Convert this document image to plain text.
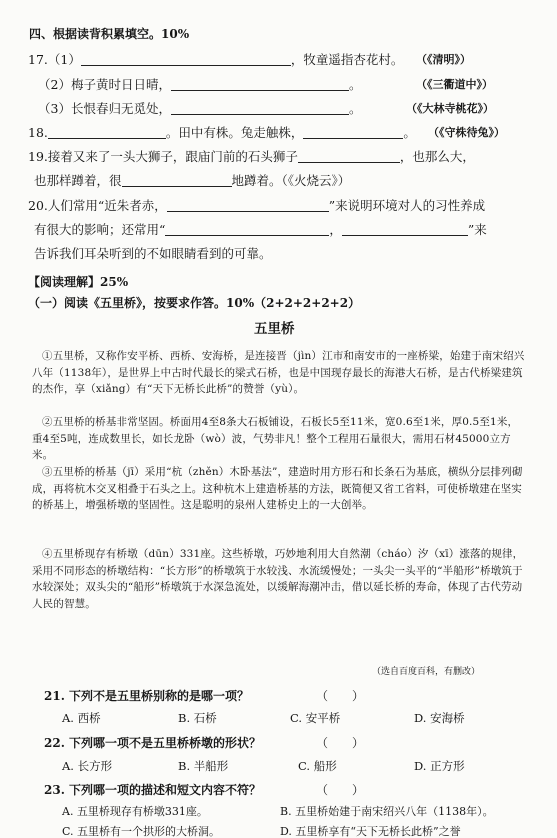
四、根据读背积累填空。10%
17.（1）	，牧童遥指杏花村。 （《清明》）
（2）梅子黄时日日晴，	。	（《三衢道中》）
（3）长恨春归无觅处，	。	（《大林寺桃花》）
18.	。田中有株。兔走触株，	。 （《守株待兔》）
19.接着又来了一头大狮子，跟庙门前的石头狮子	，也那么大，
也那样蹲着，很	地蹲着。（《火烧云》）
20.人们常用“近朱者赤，	”来说明环境对人的习性养成
有很大的影响；还常用“	，	”来
告诉我们耳朵听到的不如眼睛看到的可靠。
【阅读理解】25%
（一）阅读《五里桥》，按要求作答。10%（2+2+2+2+2）
五里桥
①五里桥，又称作安平桥、西桥、安海桥，是连接晋（jìn）江市和南安市的一座桥梁，始建于南宋绍兴八年（1138年），是世界上中古时代最长的梁式石桥，也是中国现存最长的海港大石桥，是古代桥梁建筑的杰作，享（xiǎng）有“天下无桥长此桥”的赞誉（yù）。
②五里桥的桥基非常坚固。桥面用4至8条大石板铺设，石板长5至11米，宽0.6至1米，厚0.5至1米，重4至5吨，连成数里长，如长龙卧（wò）波，气势非凡！整个工程用石量很大，需用石材45000立方米。
③五里桥的桥基（jī）采用“杭（zhěn）木卧基法”，建造时用方形石和长条石为基底，横纵分层排列砌成，再将杭木交叉相叠于石头之上。这种杭木上建造桥基的方法，既简便又省工省料，可使桥墩建在坚实的桥基上，增强桥墩的坚固性。这是聪明的泉州人建桥史上的一大创举。
④五里桥现存有桥墩（dūn）331座。这些桥墩，巧妙地利用大自然潮（cháo）汐（xī）涨落的规律，采用不同形态的桥墩结构：“长方形”的桥墩筑于水较浅、水流缓慢处；一头尖一头平的“半船形”桥墩筑于水较深处；双头尖的“船形”桥墩筑于水深急流处，以缓解海潮冲击，借以延长桥的寿命，体现了古代劳动人民的智慧。
（选自百度百科，有删改）
21. 下列不是五里桥别称的是哪一项？	（　　）
A. 西桥	B. 石桥	C. 安平桥	D. 安海桥
22. 下列哪一项不是五里桥桥墩的形状？	（　　）
A. 长方形	B. 半船形	C. 船形	D. 正方形
23. 下列哪一项的描述和短文内容不符？	（　　）
A. 五里桥现存有桥墩331座。	B. 五里桥始建于南宋绍兴八年（1138年）。
C. 五里桥有一个拱形的大桥洞。	D. 五里桥享有“天下无桥长此桥”之誉
